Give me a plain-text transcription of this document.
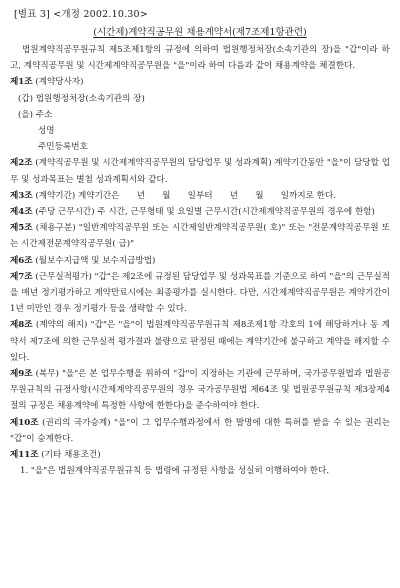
[별표 3] <개정 2002.10.30>
(시간제)계약직공무원 채용계약서(제7조제1항관련)
법원계약직공무원규칙 제5조제1항의 규정에 의하여 법원행정처장(소속기관의 장)을 "갑"이라 하고, 계약직공무원 및 시간제계약직공무원을 "을"이라 하여 다음과 같이 채용계약을 체결한다.
제1조 (계약당사자)
(갑) 법원행정처장(소속기관의 장)
(을) 주소
성명
주민등록번호
제2조 (계약직공무원 및 시간제계약직공무원의 담당업무 및 성과계획) 계약기간동안 "을"이 담당할 업무 및 성과목표는 별첨 성과계획서와 같다.
제3조 (계약기간) 계약기간은　　년　　월　　일부터　　년　　월　　일까지로 한다.
제4조 (주당 근무시간) 주 시간, 근무형태 및 요일별 근무시간(시간제계약직공무원의 경우에 한함)
제5조 (채용구분) "일반계약직공무원 또는 시간제일반계약직공무원( 호)" 또는 "전문계약직공무원 또는 시간제전문계약직공무원( 급)"
제6조 (월보수지급액 및 보수지급방법)
제7조 (근무실적평가) "갑"은 제2조에 규정된 담당업무 및 성과목표를 기준으로 하여 "을"의 근무실적을 매년 정기평가하고 계약만료시에는 최종평가를 실시한다. 다만, 시간제계약직공무원은 계약기간이 1년 미만인 경우 정기평가 등을 생략할 수 있다.
제8조 (계약의 해지) "갑"은 "을"이 법원계약직공무원규칙 제8조제1항 각호의 1에 해당하거나 동 계약서 제7조에 의한 근무실적 평가결과 불량으로 판정된 때에는 계약기간에 불구하고 계약을 해지할 수 있다.
제9조 (복무) "을"은 본 업무수행을 위하여 "갑"이 지정하는 기관에 근무하며, 국가공무원법과 법원공무원규칙의 규정사항(시간제계약직공무원의 경우 국가공무원법 제64조 및 법원공무원규칙 제3장제4절의 규정은 채용계약에 특정한 사항에 한한다)을 준수하여야 한다.
제10조 (권리의 국가승계) "을"이 그 업무수행과정에서 한 발명에 대한 특허를 받을 수 있는 권리는 "갑"이 승계한다.
제11조 (기타 채용조건)
1. "을"은 법원계약직공무원규칙 등 법령에 규정된 사항을 성실히 이행하여야 한다.
